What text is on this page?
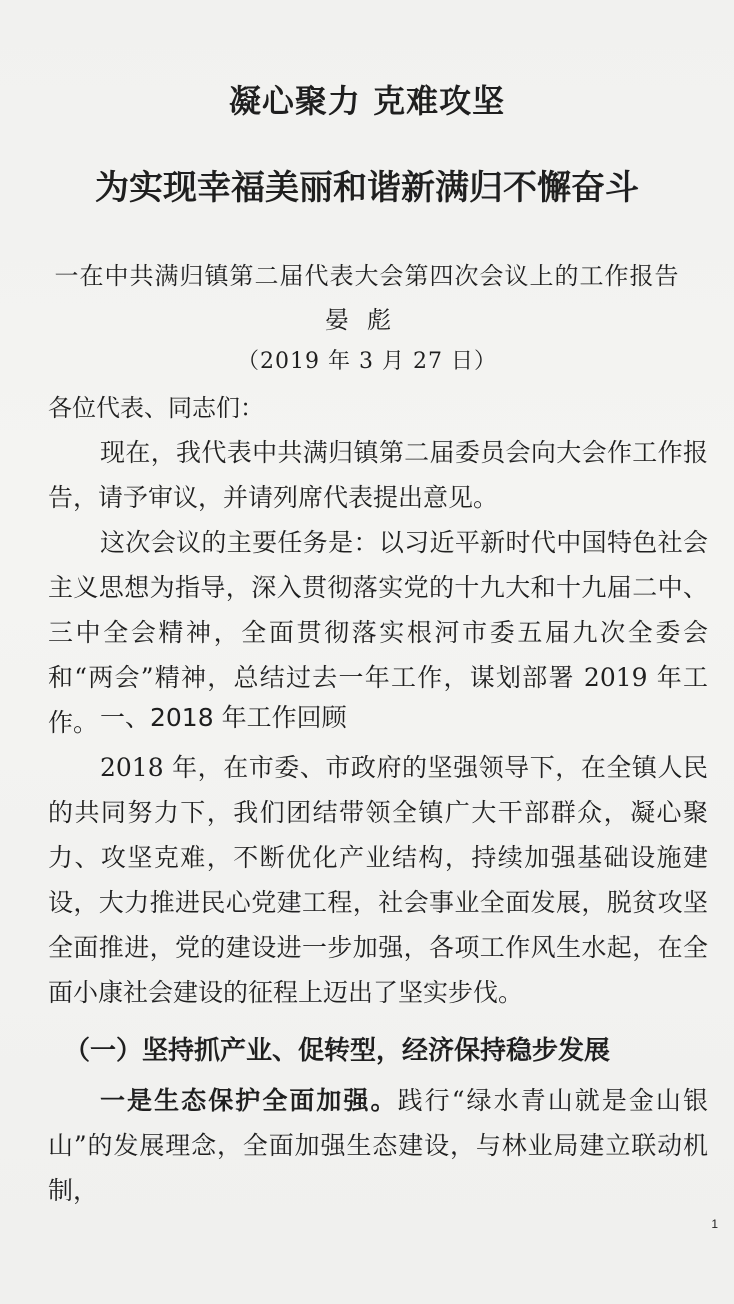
凝心聚力 克难攻坚
为实现幸福美丽和谐新满归不懈奋斗
一在中共满归镇第二届代表大会第四次会议上的工作报告
晏彪
（2019 年 3 月 27 日）
各位代表、同志们：

现在，我代表中共满归镇第二届委员会向大会作工作报告，请予审议，并请列席代表提出意见。

这次会议的主要任务是：以习近平新时代中国特色社会主义思想为指导，深入贯彻落实党的十九大和十九届二中、三中全会精神，全面贯彻落实根河市委五届九次全委会和“两会”精神，总结过去一年工作，谋划部署 2019 年工作。 一、2018 年工作回顾

2018 年，在市委、市政府的坚强领导下，在全镇人民的共同努力下，我们团结带领全镇广大干部群众，凝心聚力、攻坚克难，不断优化产业结构，持续加强基础设施建设，大力推进民心党建工程，社会事业全面发展，脱贫攻坚全面推进，党的建设进一步加强，各项工作风生水起，在全面小康社会建设的征程上迈出了坚实步伐。

（一）坚持抓产业、促转型，经济保持稳步发展

一是生态保护全面加强。践行“绿水青山就是金山银山”的发展理念，全面加强生态建设，与林业局建立联动机制，

1
